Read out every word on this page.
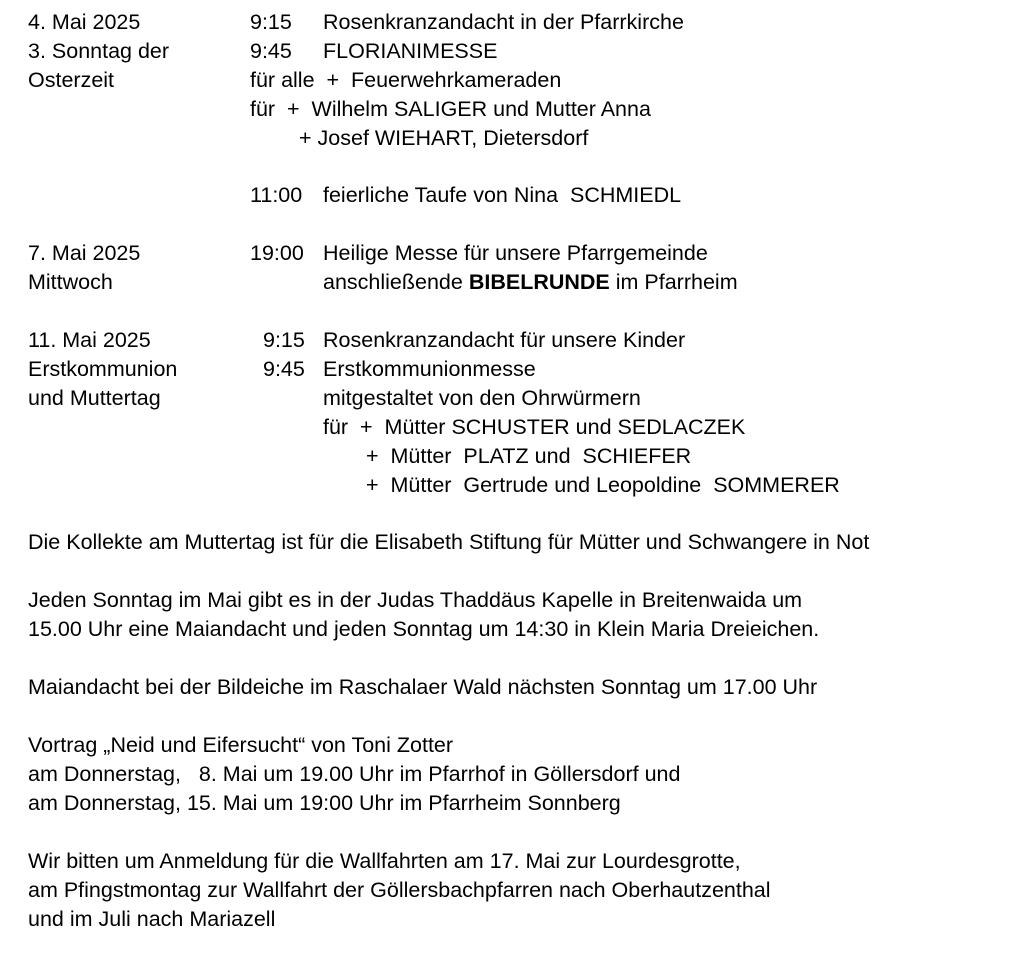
4. Mai 2025	9:15 Rosenkranzandacht in der Pfarrkirche
3. Sonntag der	9:45 FLORIANIMESSE
Osterzeit	für alle  +  Feuerwehrkameraden
für  +  Wilhelm SALIGER und Mutter Anna
+ Josef WIEHART, Dietersdorf
11:00 feierliche Taufe von Nina  SCHMIEDL
7. Mai 2025	19:00 Heilige Messe für unsere Pfarrgemeinde
Mittwoch	anschließende BIBELRUNDE im Pfarrheim
11. Mai 2025	9:15 Rosenkranzandacht für unsere Kinder
Erstkommunion	9:45 Erstkommunionmesse
und Muttertag	mitgestaltet von den Ohrwürmern
für  +  Mütter SCHUSTER und SEDLACZEK
+  Mütter  PLATZ und  SCHIEFER
+  Mütter  Gertrude und Leopoldine  SOMMERER
Die Kollekte am Muttertag ist für die Elisabeth Stiftung für Mütter und Schwangere in Not
Jeden Sonntag im Mai gibt es in der Judas Thaddäus Kapelle in Breitenwaida um
15.00 Uhr eine Maiandacht und jeden Sonntag um 14:30 in Klein Maria Dreieichen.
Maiandacht bei der Bildeiche im Raschalaer Wald nächsten Sonntag um 17.00 Uhr
Vortrag „Neid und Eifersucht“ von Toni Zotter
am Donnerstag,   8. Mai um 19.00 Uhr im Pfarrhof in Göllersdorf und
am Donnerstag, 15. Mai um 19:00 Uhr im Pfarrheim Sonnberg
Wir bitten um Anmeldung für die Wallfahrten am 17. Mai zur Lourdesgrotte,
am Pfingstmontag zur Wallfahrt der Göllersbachpfarren nach Oberhautzenthal
und im Juli nach Mariazell
